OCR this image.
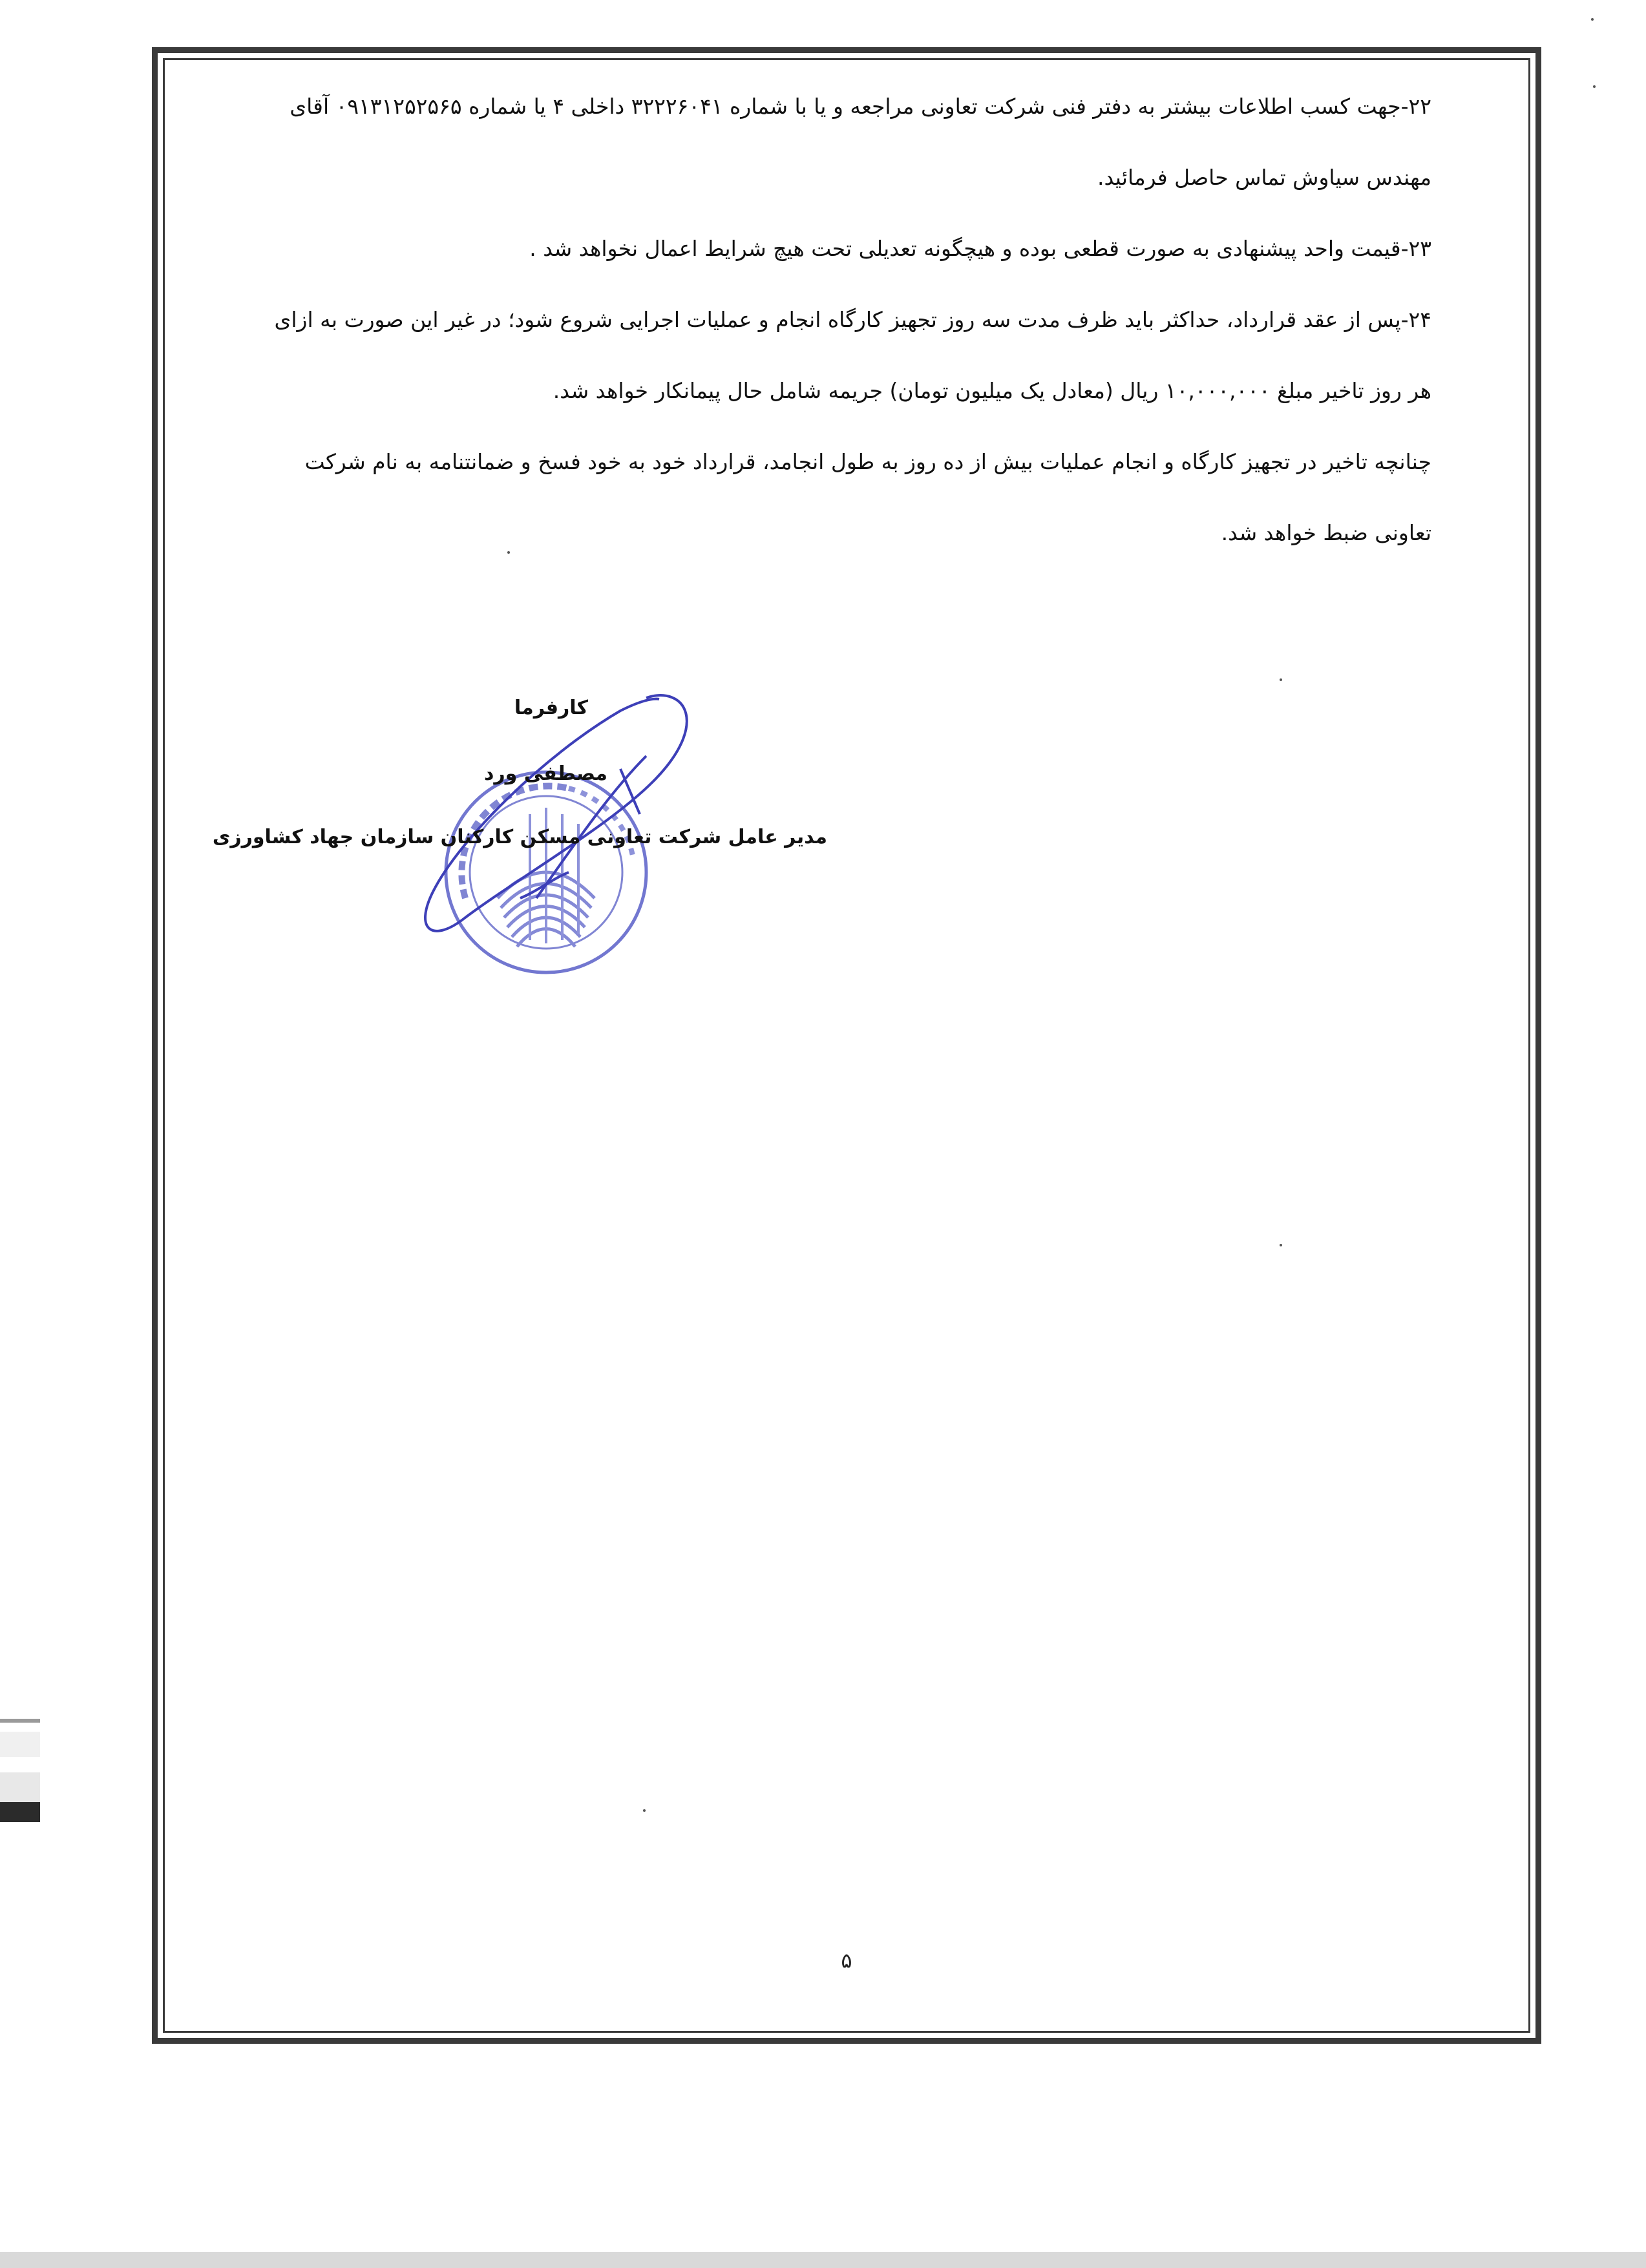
۲۲-جهت کسب اطلاعات بیشتر به دفتر فنی شرکت تعاونی مراجعه و یا با شماره ۳۲۲۲۶۰۴۱ داخلی ۴ یا شماره ۰۹۱۳۱۲۵۲۵۶۵ آقای
مهندس سیاوش تماس حاصل فرمائید.
۲۳-قیمت واحد پیشنهادی به صورت قطعی بوده و هیچگونه تعدیلی تحت هیچ شرایط اعمال نخواهد شد .
۲۴-پس از عقد قرارداد، حداکثر باید ظرف مدت سه روز تجهیز کارگاه انجام و عملیات اجرایی شروع شود؛ در غیر این صورت به ازای
هر روز تاخیر مبلغ ۱۰,۰۰۰,۰۰۰ ریال (معادل یک میلیون تومان) جریمه شامل حال پیمانکار خواهد شد.
چنانچه تاخیر در تجهیز کارگاه و انجام عملیات بیش از ده روز به طول انجامد، قرارداد خود به خود فسخ و ضمانتنامه به نام شرکت
تعاونی ضبط خواهد شد.
کارفرما
مصطفی ورد
مدیر عامل شرکت تعاونی مسکن کارکنان سازمان جهاد کشاورزی
۵
